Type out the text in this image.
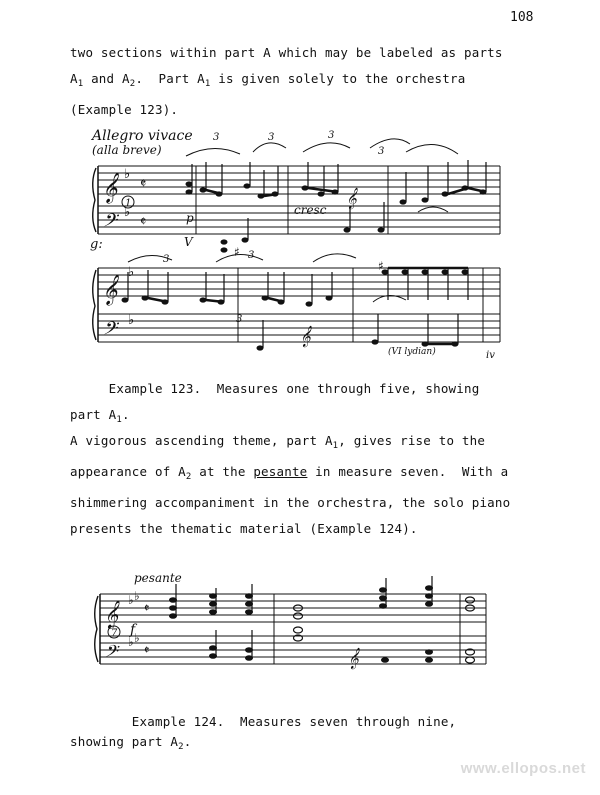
108
two sections within part A which may be labeled as parts
$A_1$ and $A_2$.  Part $A_1$ is given solely to the orchestra
(Example 123).
𝄞
𝄢
𝄞
𝄢
𝄞
𝄞
♭
♭
♭
♭
𝄵
𝄵
♯
♯
Allegro vivace
(alla breve)
p
cresc
g:	V
(VI lydian)	iv
3	3	3
3
3	3
3
1
Example 123.  Measures one through five, showing
part $A_1$.
A vigorous ascending theme, part $A_1$, gives rise to the
appearance of $A_2$ at the pesante in measure seven.  With a
shimmering accompaniment in the orchestra, the solo piano
presents the thematic material (Example 124).
𝄞
𝄢	𝄞
♭ ♭
♭ ♭
𝄵
𝄵
pesante
7 f
Example 124.  Measures seven through nine,
showing part $A_2$.
www.ellopos.net
